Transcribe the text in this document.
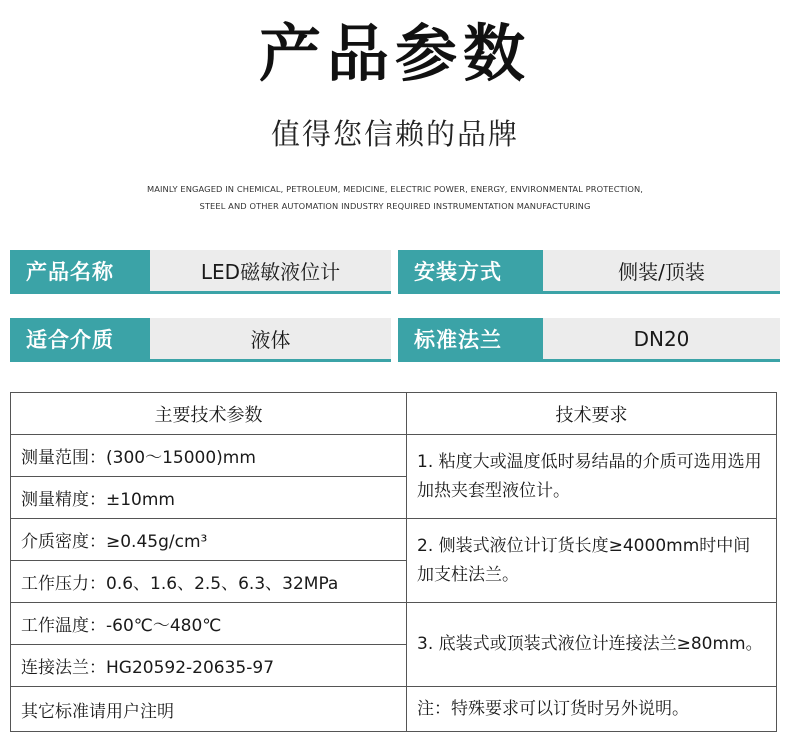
产品参数
值得您信赖的品牌
MAINLY ENGAGED IN CHEMICAL, PETROLEUM, MEDICINE, ELECTRIC POWER, ENERGY, ENVIRONMENTAL PROTECTION,
STEEL AND OTHER AUTOMATION INDUSTRY REQUIRED INSTRUMENTATION MANUFACTURING
产品名称	LED磁敏液位计	安装方式	侧装/顶装
适合介质	液体	标准法兰	DN20
主要技术参数	技术要求
测量范围：(300～15000)mm	1. 粘度大或温度低时易结晶的介质可选用选用加热夹套型液位计。
测量精度：±10mm	
介质密度：≥0.45g/cm³	2. 侧装式液位计订货长度≥4000mm时中间加支柱法兰。
工作压力：0.6、1.6、2.5、6.3、32MPa	
工作温度：-60℃～480℃	3. 底装式或顶装式液位计连接法兰≥80mm。
连接法兰：HG20592-20635-97	
其它标准请用户注明	注：特殊要求可以订货时另外说明。
